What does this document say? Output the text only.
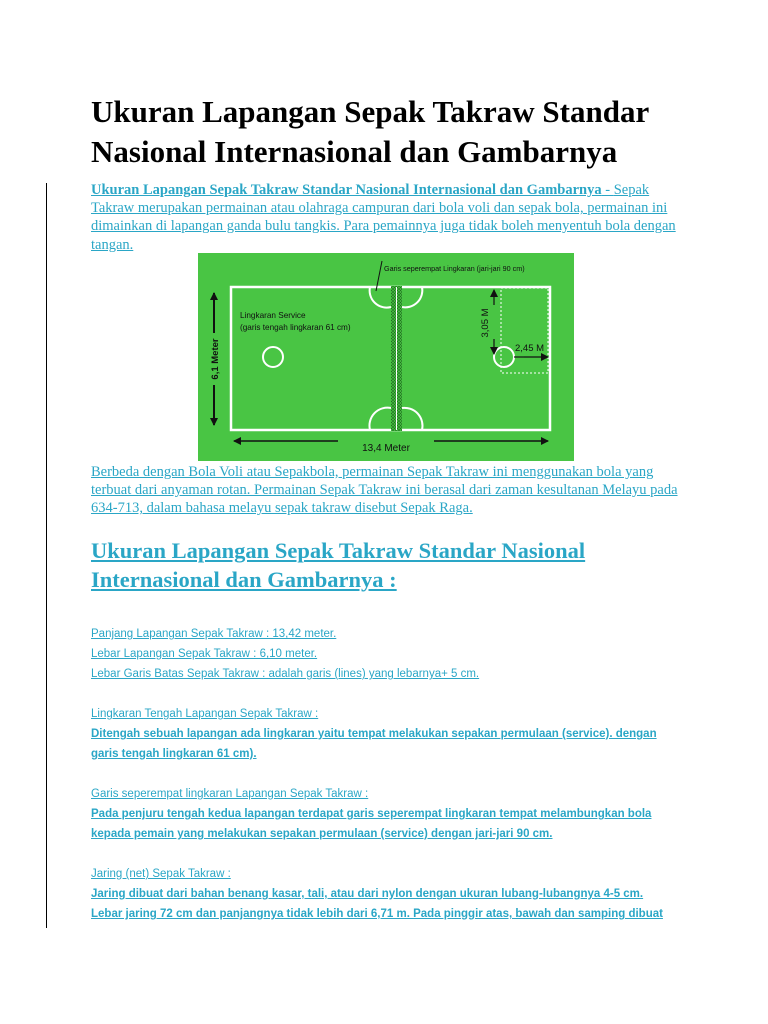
Ukuran Lapangan Sepak Takraw Standar Nasional Internasional dan Gambarnya

Ukuran Lapangan Sepak Takraw Standar Nasional Internasional dan Gambarnya - Sepak Takraw merupakan permainan atau olahraga campuran dari bola voli dan sepak bola, permainan ini dimainkan di lapangan ganda bulu tangkis. Para pemainnya juga tidak boleh menyentuh bola dengan tangan.

13,4 Meter
6,1 Meter
3,05 M
2,45 M
Garis seperempat Lingkaran (jari-jari 90 cm)
Lingkaran Service
(garis tengah lingkaran 61 cm)

Berbeda dengan Bola Voli atau Sepakbola, permainan Sepak Takraw ini menggunakan bola yang terbuat dari anyaman rotan. Permainan Sepak Takraw ini berasal dari zaman kesultanan Melayu pada 634-713, dalam bahasa melayu sepak takraw disebut Sepak Raga.

Ukuran Lapangan Sepak Takraw Standar Nasional Internasional dan Gambarnya :
Panjang Lapangan Sepak Takraw : 13,42 meter.
Lebar Lapangan Sepak Takraw : 6,10 meter.
Lebar Garis Batas Sepak Takraw : adalah garis (lines) yang lebarnya+ 5 cm.
Lingkaran Tengah Lapangan Sepak Takraw :
Ditengah sebuah lapangan ada lingkaran yaitu tempat melakukan sepakan permulaan (service). dengan
garis tengah lingkaran 61 cm).
Garis seperempat lingkaran Lapangan Sepak Takraw :
Pada penjuru tengah kedua lapangan terdapat garis seperempat lingkaran tempat melambungkan bola
kepada pemain yang melakukan sepakan permulaan (service) dengan jari-jari 90 cm.
Jaring (net) Sepak Takraw :
Jaring dibuat dari bahan benang kasar, tali, atau dari nylon dengan ukuran lubang-lubangnya 4-5 cm.
Lebar jaring 72 cm dan panjangnya tidak lebih dari 6,71 m. Pada pinggir atas, bawah dan samping dibuat
